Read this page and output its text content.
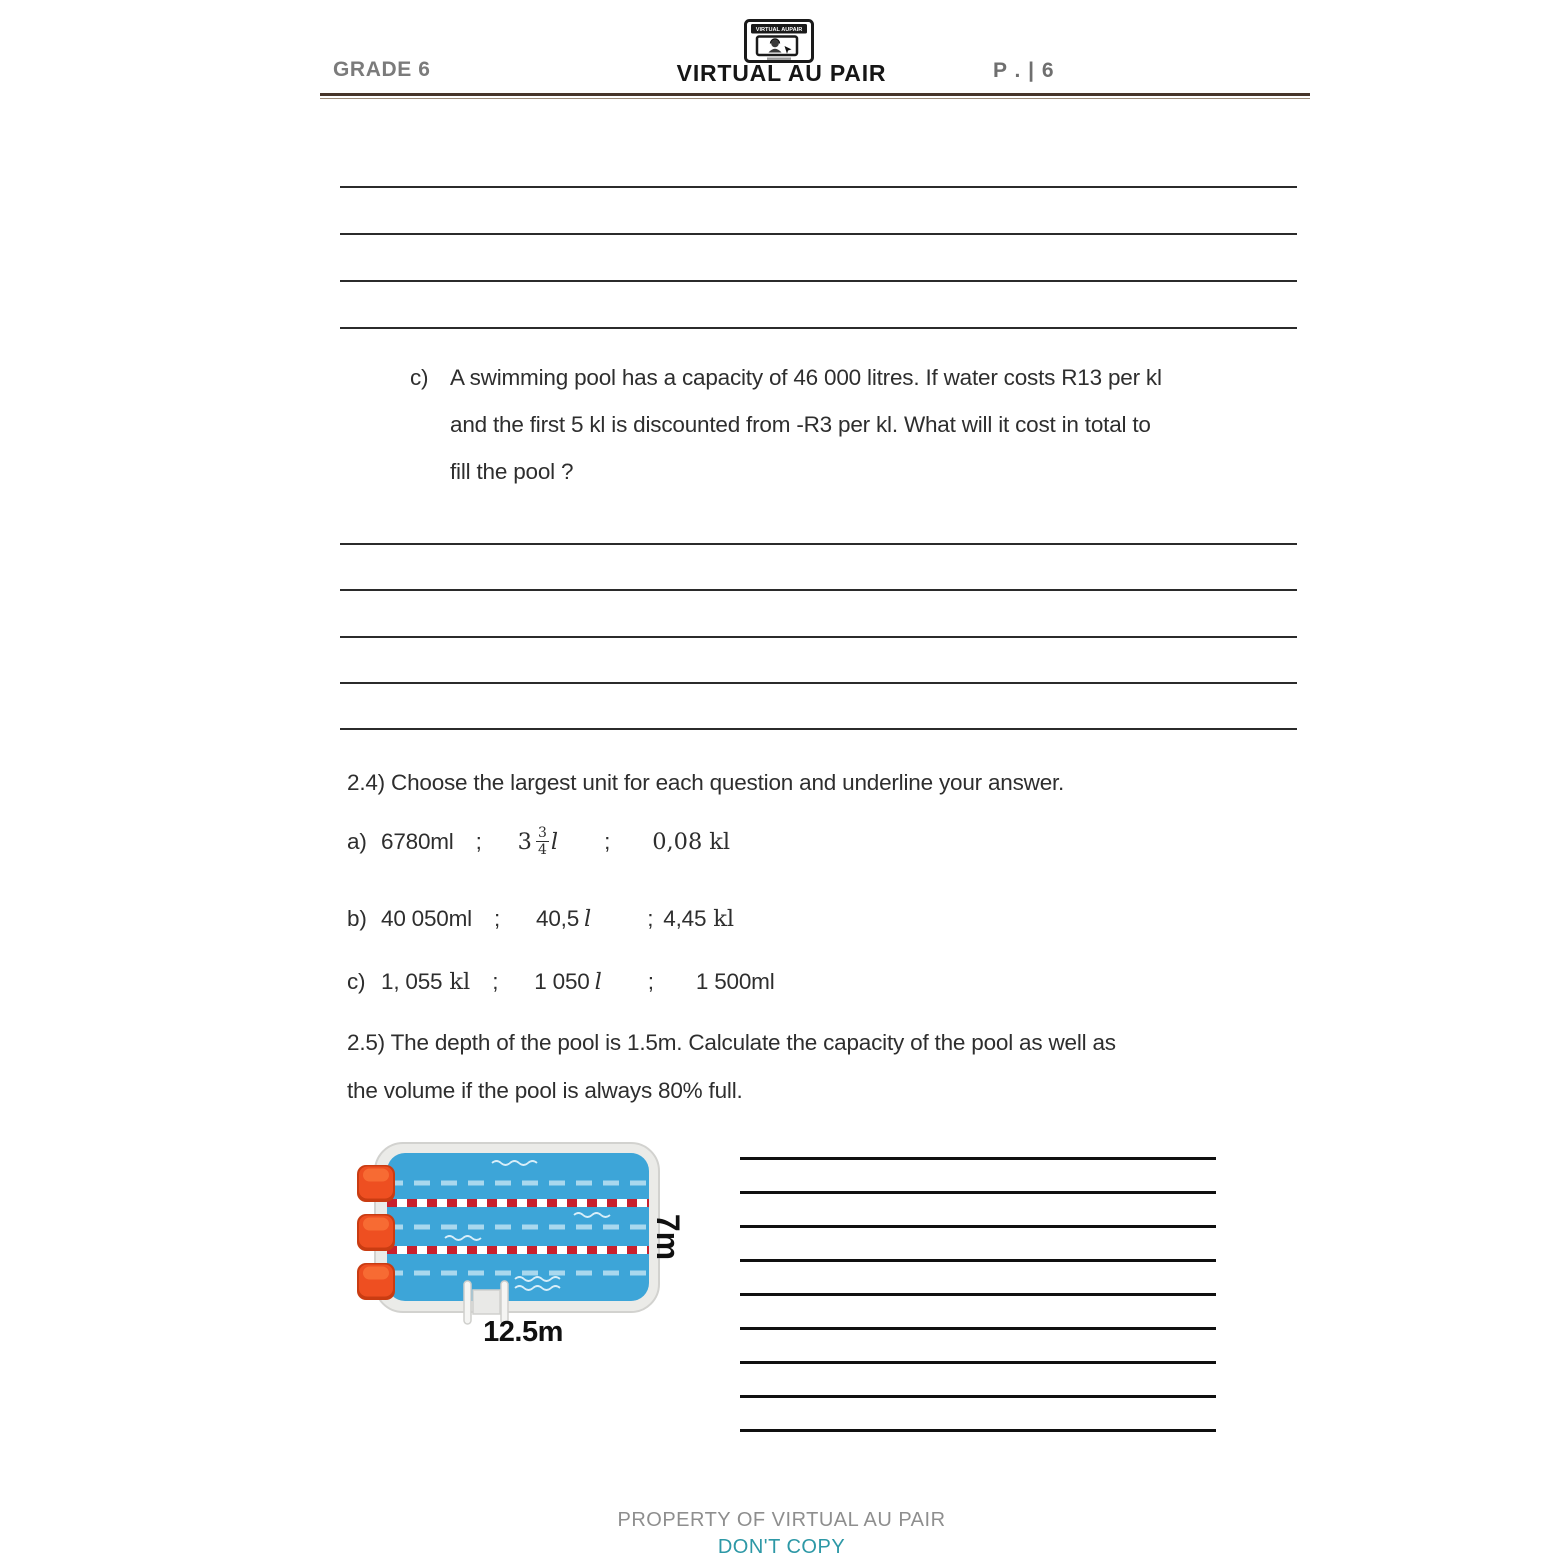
VIRTUAL AUPAIR
GRADE 6	VIRTUAL AU PAIR	P . | 6
c) A swimming pool has a capacity of 46 000 litres. If water costs R13 per kl
and the first 5 kl is discounted from -R3 per kl. What will it cost in total to
fill the pool ?
2.4) Choose the largest unit for each question and underline your answer.
a) 6780ml ; $3 \frac{3}{4}$ l ; 0,08 kl
b) 40 050ml ; 40,5 l ; 4,45 kl
c) 1, 055 kl ; 1 050 l ; 1 500ml
2.5) The depth of the pool is 1.5m. Calculate the capacity of the pool as well as
the volume if the pool is always 80% full.
7m
12.5m
PROPERTY OF VIRTUAL AU PAIR
DON'T COPY
